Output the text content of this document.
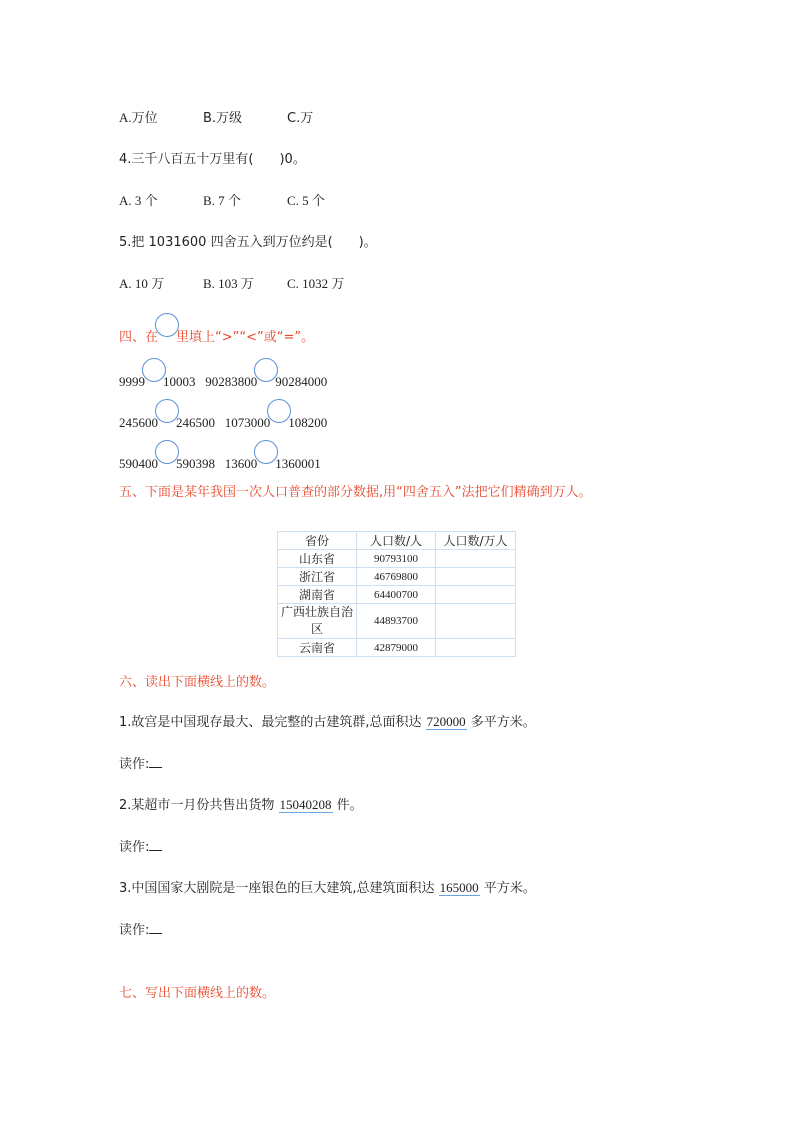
A.万位	B.万级	C.万
4.三千八百五十万里有(　　)0。
A. 3 个	B. 7 个	C. 5 个
5.把 1031600 四舍五入到万位约是(　　)。
A. 10 万	B. 103 万	C. 1032 万
四、在 里填上“>”“<”或“=”。
9999 10003 90283800 90284000
245600 246500 1073000 108200
590400 590398 13600 1360001
五、下面是某年我国一次人口普查的部分数据,用“四舍五入”法把它们精确到万人。
省份	人口数/人	人口数/万人
山东省	90793100	
浙江省	46769800	
湖南省	64400700	

广西壮族自治区	44893700	
云南省	42879000	
六、读出下面横线上的数。
1.故宫是中国现存最大、最完整的古建筑群,总面积达 720000 多平方米。
读作:
2.某超市一月份共售出货物 15040208 件。
读作:
3.中国国家大剧院是一座银色的巨大建筑,总建筑面积达 165000 平方米。
读作:
七、写出下面横线上的数。
